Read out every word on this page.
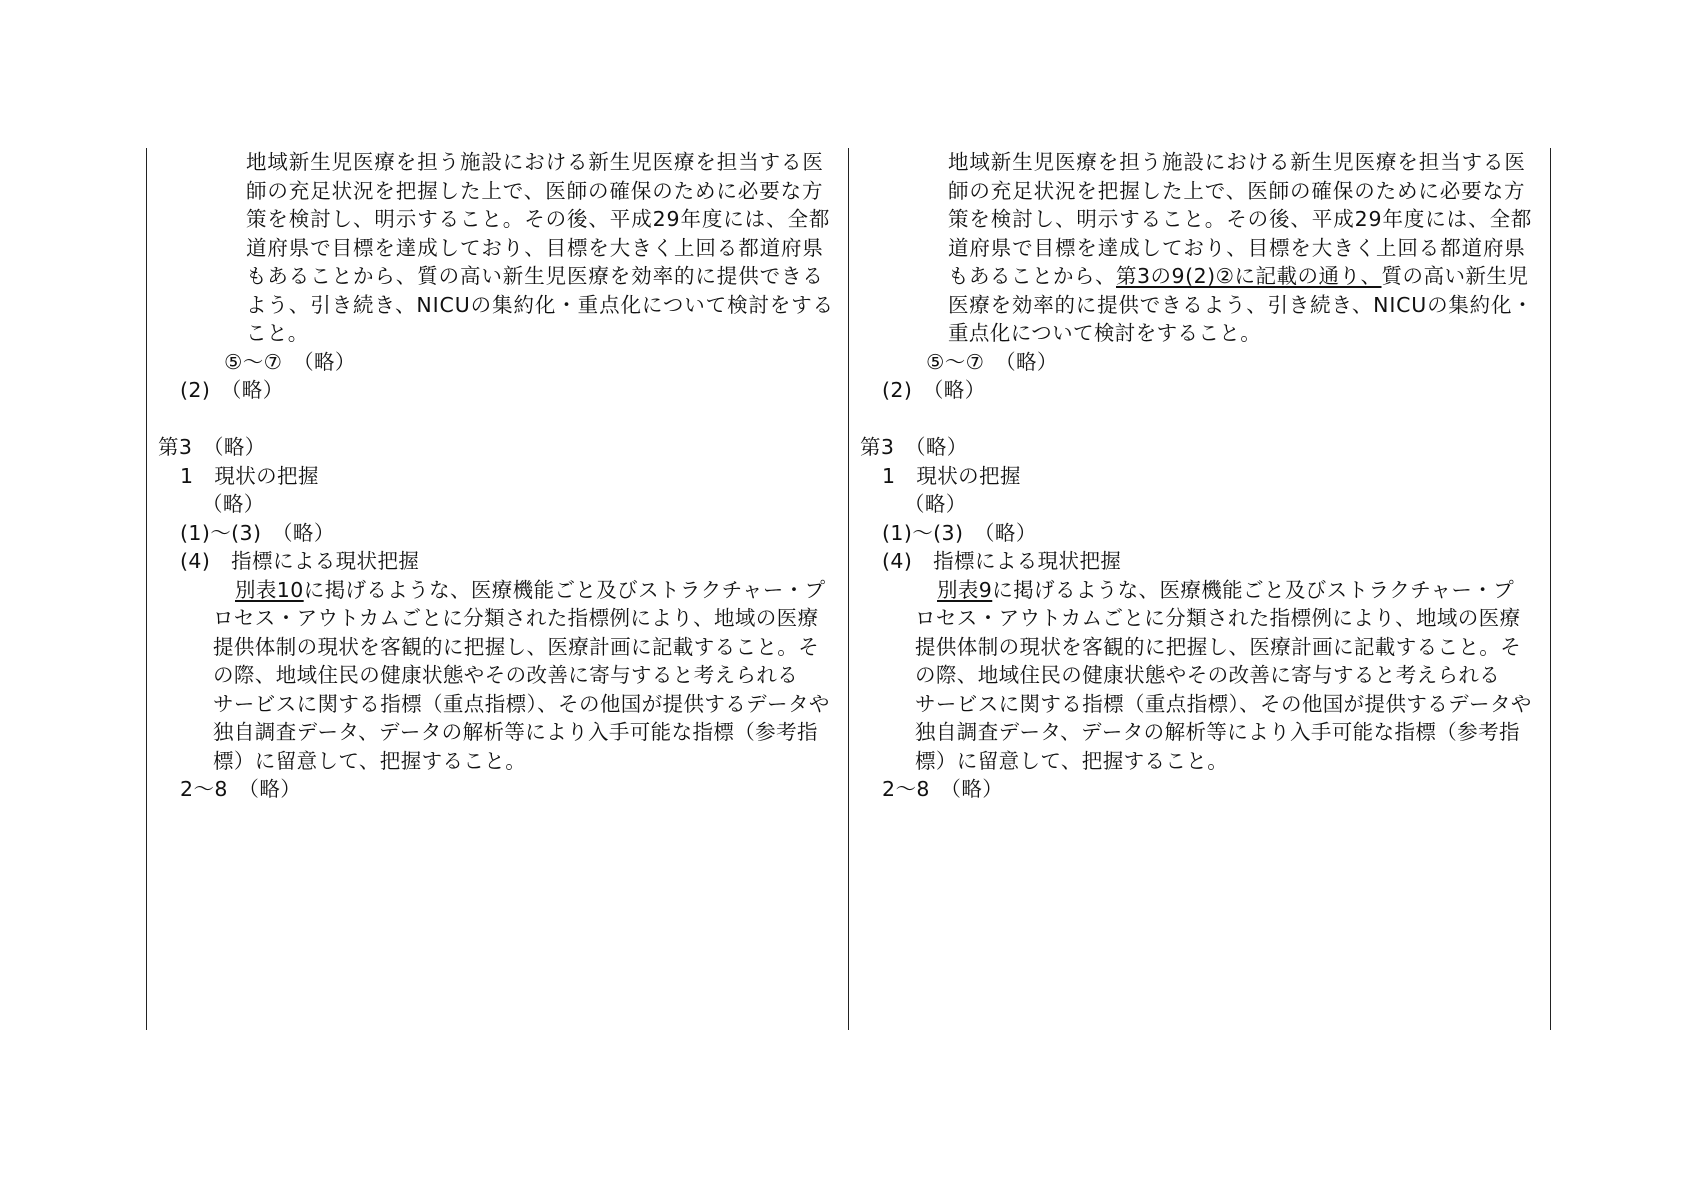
地域新生児医療を担う施設における新生児医療を担当する医
師の充足状況を把握した上で、医師の確保のために必要な方
策を検討し、明示すること。その後、平成29年度には、全都
道府県で目標を達成しており、目標を大きく上回る都道府県
もあることから、質の高い新生児医療を効率的に提供できる
よう、引き続き、NICUの集約化・重点化について検討をする
こと。
⑤〜⑦　（略）
(2)　（略）
第3　（略）
1　現状の把握
（略）
(1)〜(3)　（略）
(4)　指標による現状把握
別表10に掲げるような、医療機能ごと及びストラクチャー・プ
ロセス・アウトカムごとに分類された指標例により、地域の医療
提供体制の現状を客観的に把握し、医療計画に記載すること。そ
の際、地域住民の健康状態やその改善に寄与すると考えられる
サービスに関する指標（重点指標）、その他国が提供するデータや
独自調査データ、データの解析等により入手可能な指標（参考指
標）に留意して、把握すること。
2〜8　（略）
地域新生児医療を担う施設における新生児医療を担当する医
師の充足状況を把握した上で、医師の確保のために必要な方
策を検討し、明示すること。その後、平成29年度には、全都
道府県で目標を達成しており、目標を大きく上回る都道府県
もあることから、第3の9(2)②に記載の通り、質の高い新生児
医療を効率的に提供できるよう、引き続き、NICUの集約化・
重点化について検討をすること。
⑤〜⑦　（略）
(2)　（略）
第3　（略）
1　現状の把握
（略）
(1)〜(3)　（略）
(4)　指標による現状把握
別表9に掲げるような、医療機能ごと及びストラクチャー・プ
ロセス・アウトカムごとに分類された指標例により、地域の医療
提供体制の現状を客観的に把握し、医療計画に記載すること。そ
の際、地域住民の健康状態やその改善に寄与すると考えられる
サービスに関する指標（重点指標）、その他国が提供するデータや
独自調査データ、データの解析等により入手可能な指標（参考指
標）に留意して、把握すること。
2〜8　（略）
